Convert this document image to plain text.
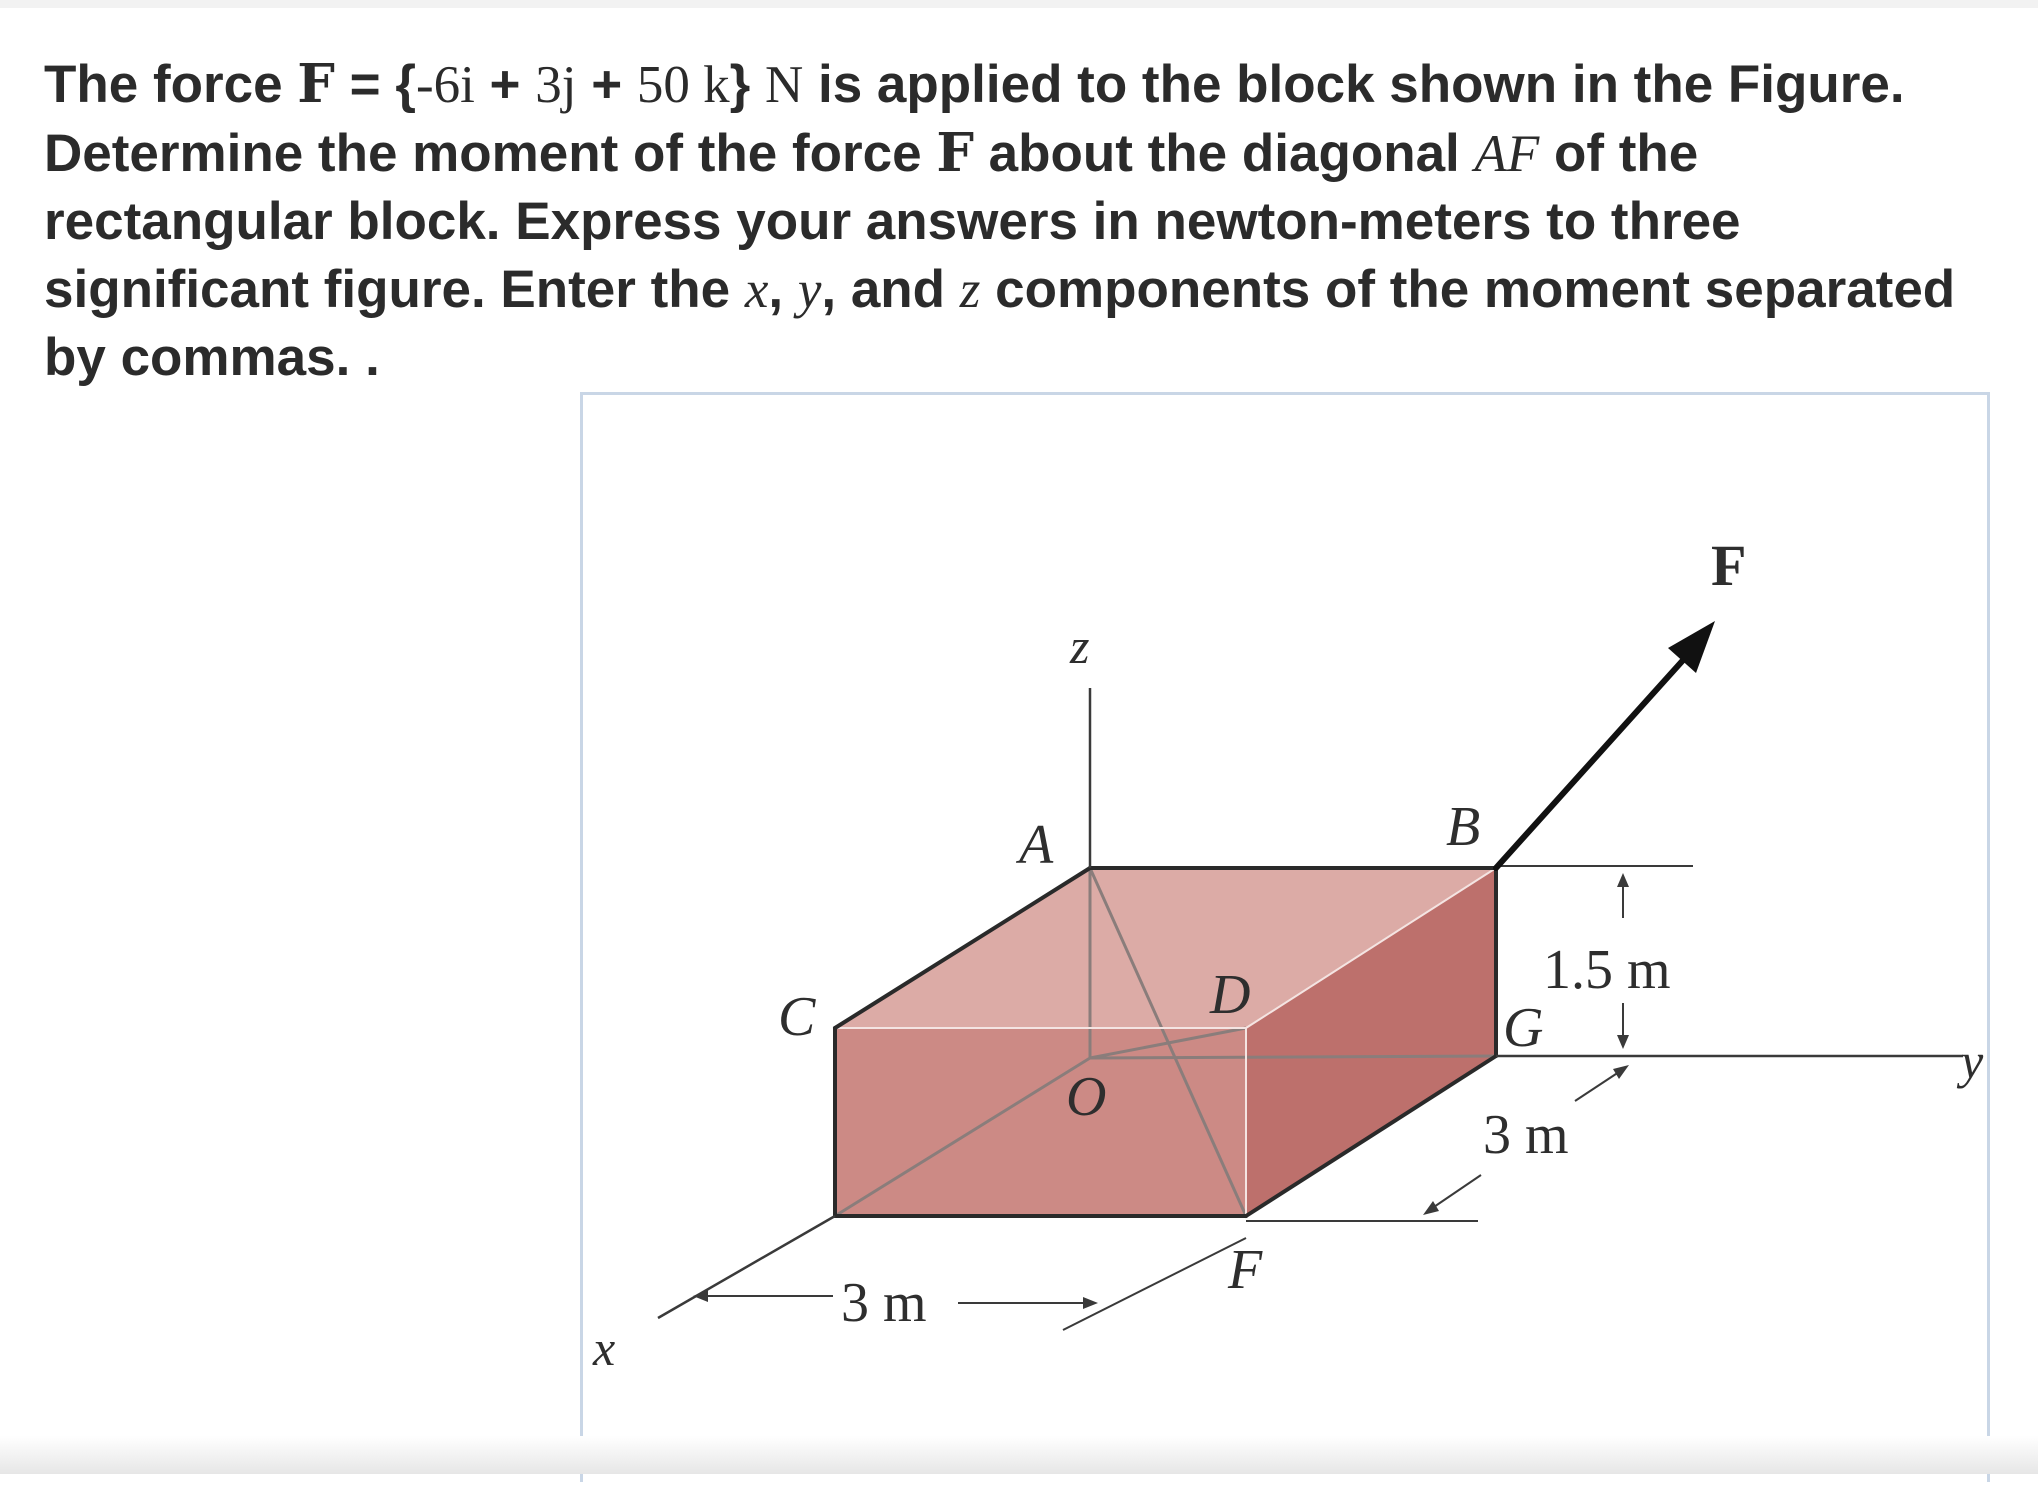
The force F = {-6i + 3j + 50 k} N is applied to the block shown in the Figure. Determine the moment of the force F about the diagonal AF of the rectangular block. Express your answers in newton-meters to three significant figure. Enter the x, y, and z components of the moment separated by commas. .

F
z
A	B
C	D
O
G
F
y
x
1.5 m
3 m
3 m
